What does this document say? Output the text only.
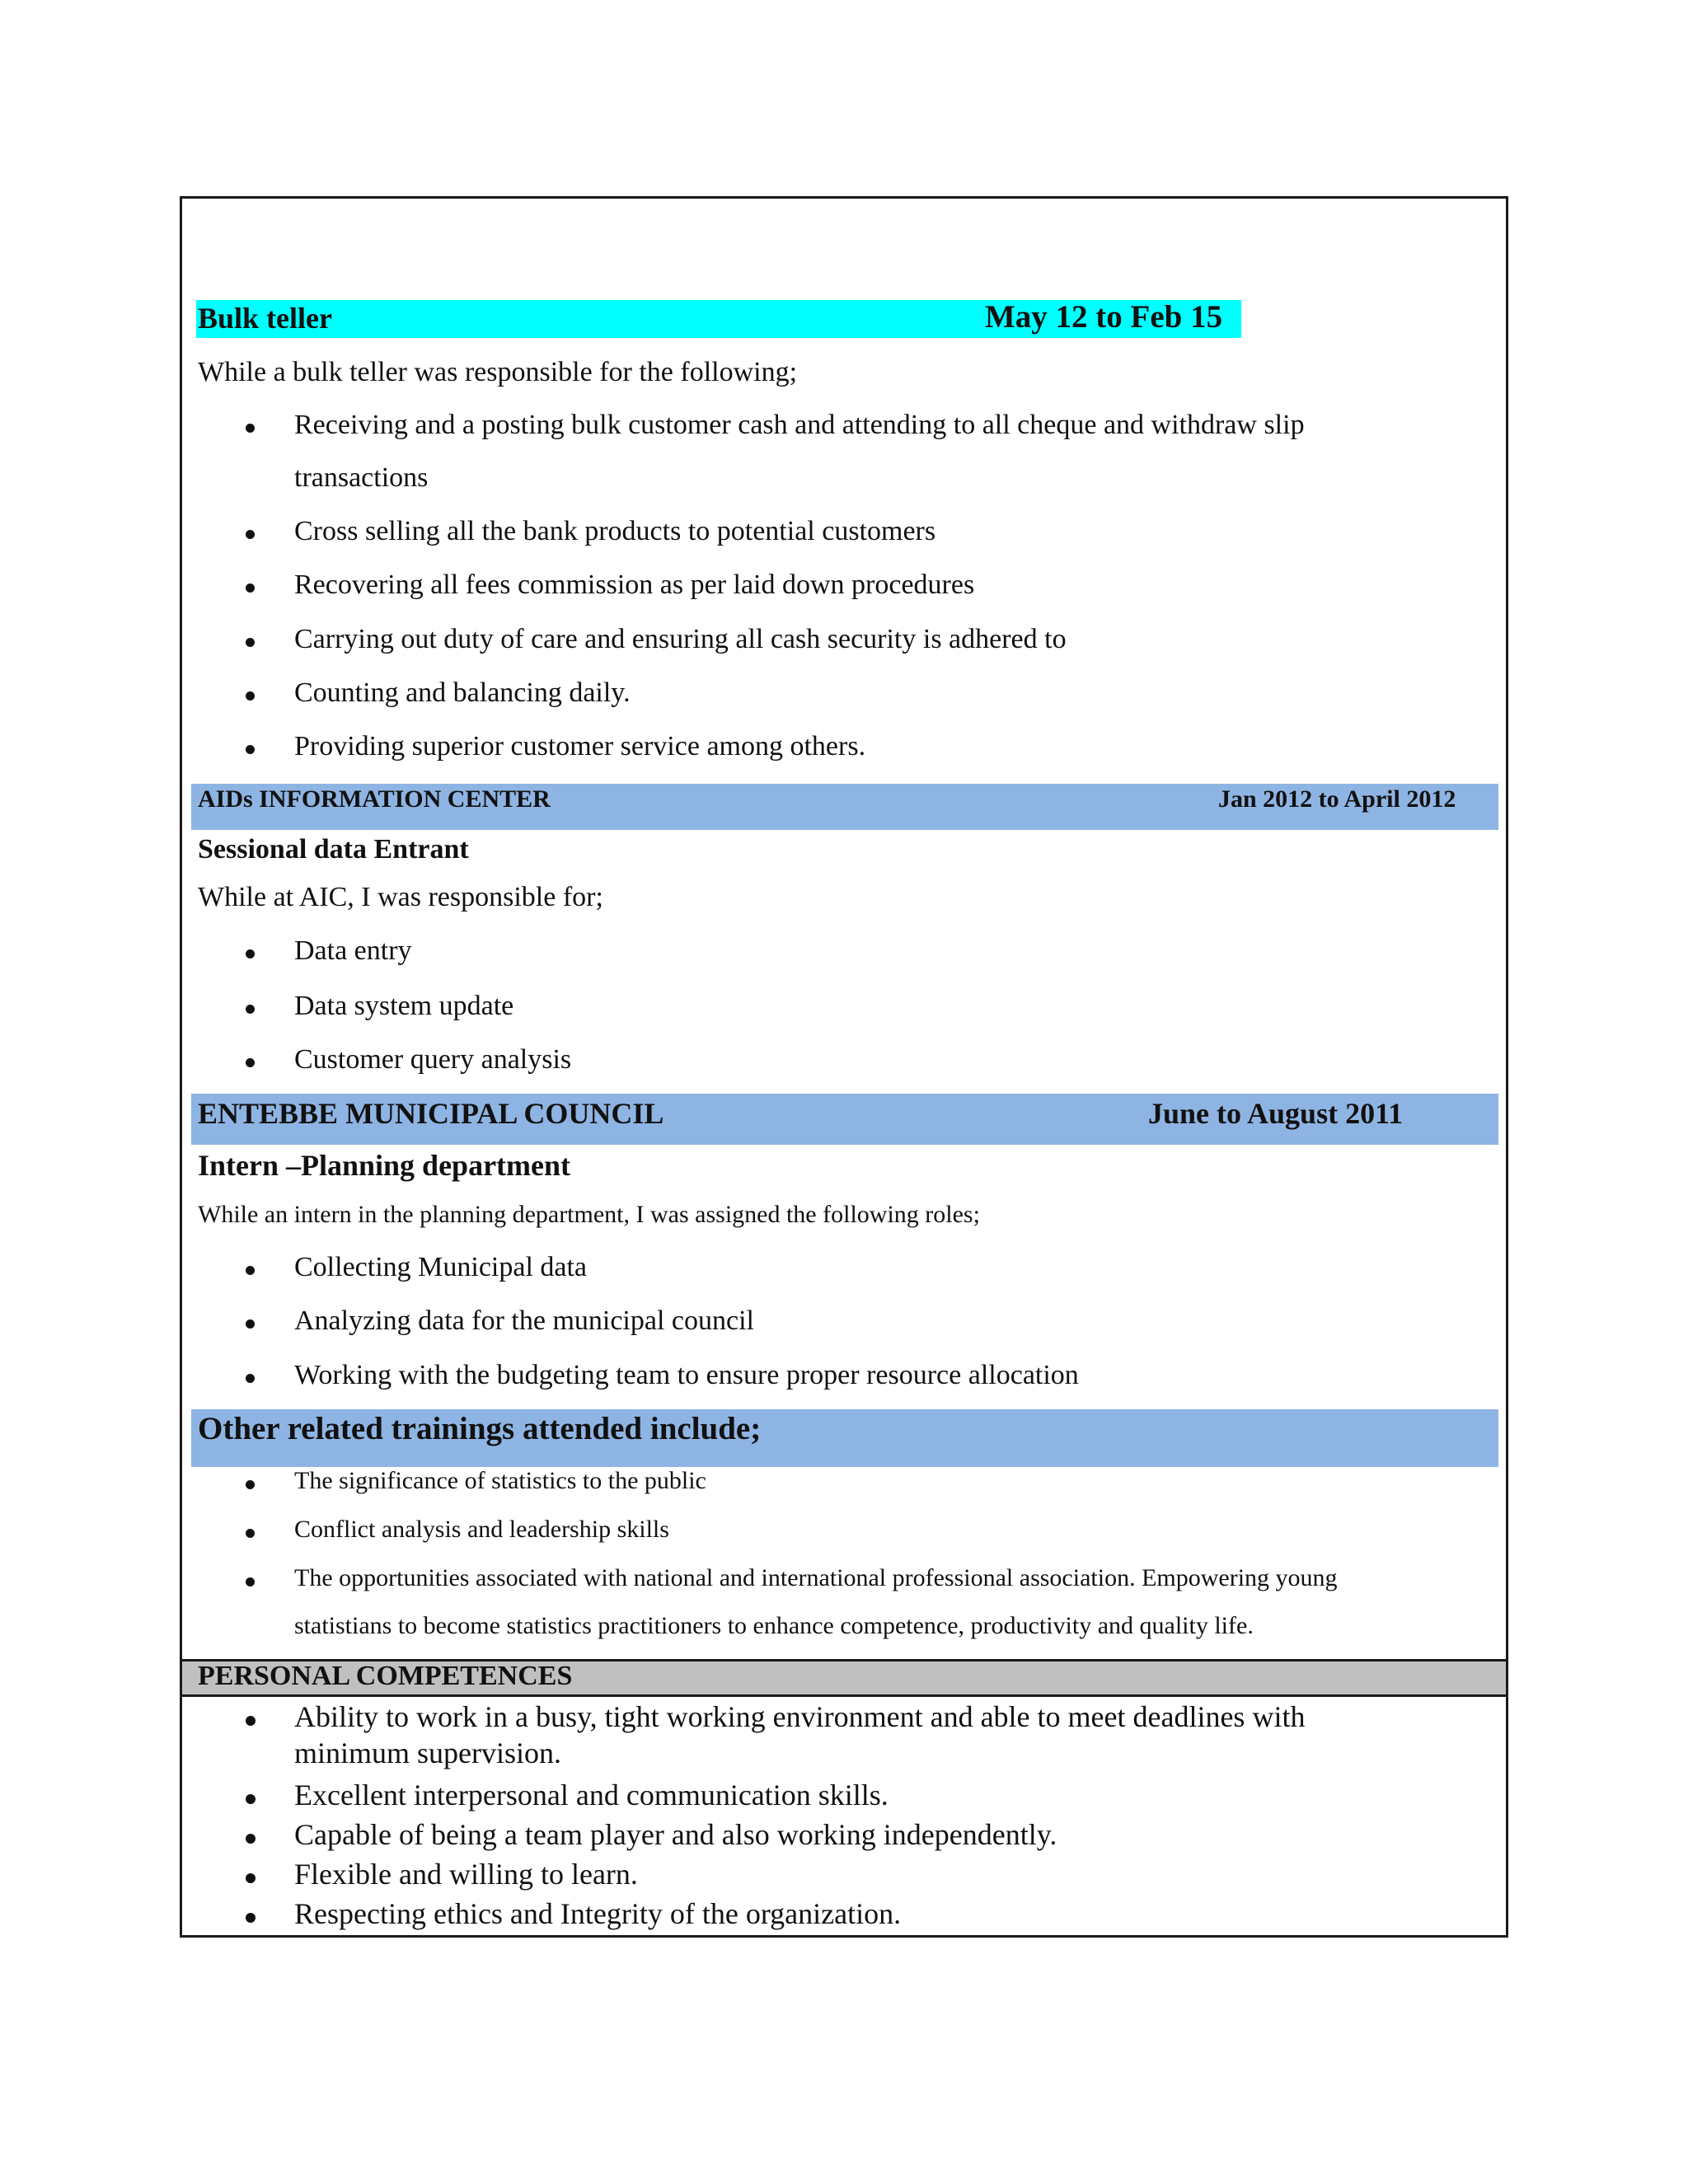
Bulk teller	May 12 to Feb 15
While a bulk teller was responsible for the following;
Receiving and a posting bulk customer cash and attending to all cheque and withdraw slip
transactions
Cross selling all the bank products to potential customers
Recovering all fees commission as per laid down procedures
Carrying out duty of care and ensuring all cash security is adhered to
Counting and balancing daily.
Providing superior customer service among others.
AIDs INFORMATION CENTER	Jan 2012 to April 2012
Sessional data Entrant
While at AIC, I was responsible for;
Data entry
Data system update
Customer query analysis
ENTEBBE MUNICIPAL COUNCIL	June to August 2011
Intern –Planning department
While an intern in the planning department, I was assigned the following roles;
Collecting Municipal data
Analyzing data for the municipal council
Working with the budgeting team to ensure proper resource allocation
Other related trainings attended include;
The significance of statistics to the public
Conflict analysis and leadership skills
The opportunities associated with national and international professional association. Empowering young
statistians to become statistics practitioners to enhance competence, productivity and quality life.
PERSONAL COMPETENCES
Ability to work in a busy, tight working environment and able to meet deadlines with
minimum supervision.
Excellent interpersonal and communication skills.
Capable of being a team player and also working independently.
Flexible and willing to learn.
Respecting ethics and Integrity of the organization.
